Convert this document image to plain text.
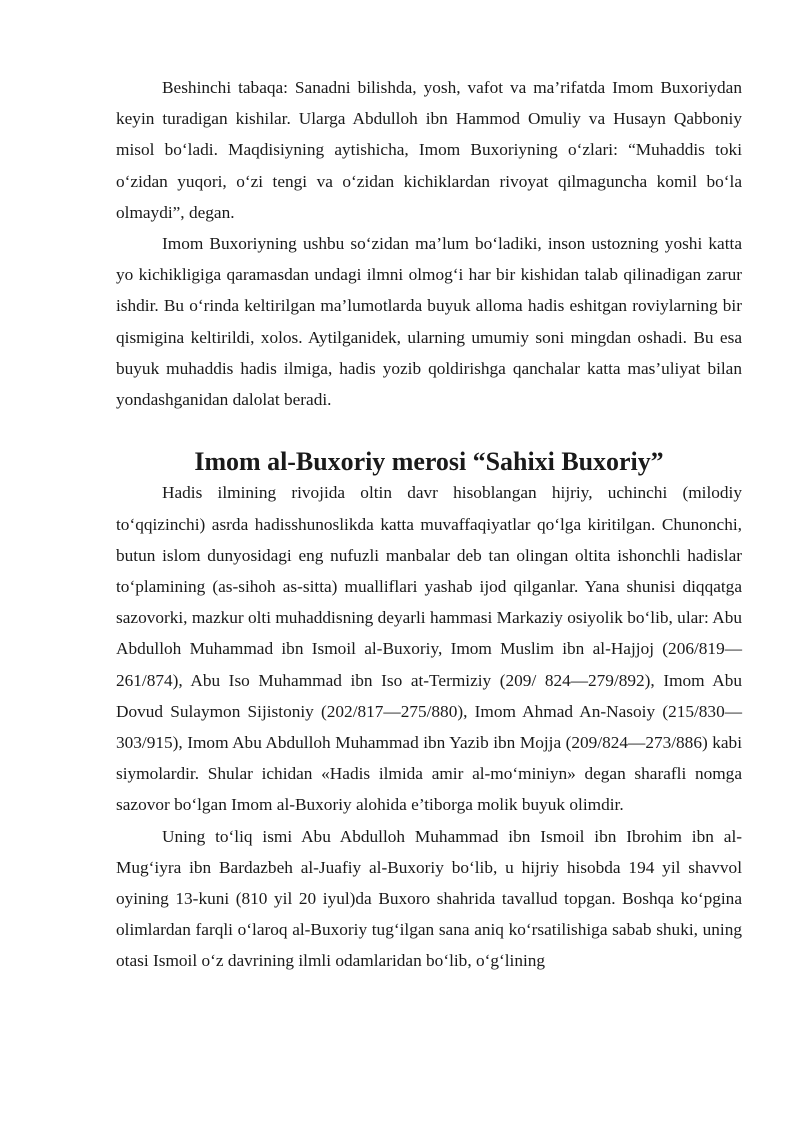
Beshinchi tabaqa: Sanadni bilishda, yosh, vafot va ma’rifatda Imom Buxoriydan keyin turadigan kishilar. Ularga Abdulloh ibn Hammod Omuliy va Husayn Qabboniy misol bo‘ladi. Maqdisiyning aytishicha, Imom Buxoriyning o‘zlari: “Muhaddis toki o‘zidan yuqori, o‘zi tengi va o‘zidan kichiklardan rivoyat qilmaguncha komil bo‘la olmaydi”, degan.

Imom Buxoriyning ushbu so‘zidan ma’lum bo‘ladiki, inson ustozning yoshi katta yo kichikligiga qaramasdan undagi ilmni olmog‘i har bir kishidan talab qilinadigan zarur ishdir. Bu o‘rinda keltirilgan ma’lumotlarda buyuk alloma hadis eshitgan roviylarning bir qismigina keltirildi, xolos. Aytilganidek, ularning umumiy soni mingdan oshadi. Bu esa buyuk muhaddis hadis ilmiga, hadis yozib qoldirishga qanchalar katta mas’uliyat bilan yondashganidan dalolat beradi.

Imom al-Buxoriy merosi “Sahixi Buxoriy”

Hadis ilmining rivojida oltin davr hisoblangan hijriy, uchinchi (milodiy to‘qqizinchi) asrda hadisshunoslikda katta muvaffaqiyatlar qo‘lga kiritilgan. Chunonchi, butun islom dunyosidagi eng nufuzli manbalar deb tan olingan oltita ishonchli hadislar to‘plamining (as-sihoh as-sitta) mualliflari yashab ijod qilganlar. Yana shunisi diqqatga sazovorki, mazkur olti muhaddisning deyarli hammasi Markaziy osiyolik bo‘lib, ular: Abu Abdulloh Muhammad ibn Ismoil al-Buxoriy, Imom Muslim ibn al-Hajjoj (206/819—261/874), Abu Iso Muhammad ibn Iso at-Termiziy (209/ 824—279/892), Imom Abu Dovud Sulaymon Sijistoniy (202/817—275/880), Imom Ahmad An-Nasoiy (215/830—303/915), Imom Abu Abdulloh Muhammad ibn Yazib ibn Mojja (209/824—273/886) kabi siymolardir. Shular ichidan «Hadis ilmida amir al-mo‘miniyn» degan sharafli nomga sazovor bo‘lgan Imom al-Buxoriy alohida e’tiborga molik buyuk olimdir.

Uning to‘liq ismi Abu Abdulloh Muhammad ibn Ismoil ibn Ibrohim ibn al-Mug‘iyra ibn Bardazbeh al-Juafiy al-Buxoriy bo‘lib, u hijriy hisobda 194 yil shavvol oyining 13-kuni (810 yil 20 iyul)da Buxoro shahrida tavallud topgan. Boshqa ko‘pgina olimlardan farqli o‘laroq al-Buxoriy tug‘ilgan sana aniq ko‘rsatilishiga sabab shuki, uning otasi Ismoil o‘z davrining ilmli odamlaridan bo‘lib, o‘g‘lining
